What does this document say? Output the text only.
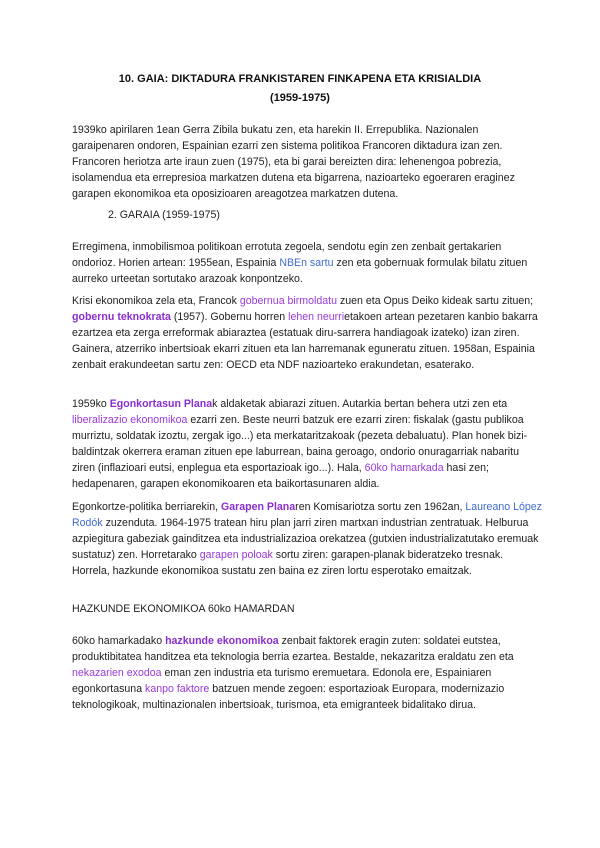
10. GAIA: DIKTADURA FRANKISTAREN FINKAPENA ETA KRISIALDIA
(1959-1975)

1939ko apirilaren 1ean Gerra Zibila bukatu zen, eta harekin II. Errepublika. Nazionalen garaipenaren ondoren, Espainian ezarri zen sistema politikoa Francoren diktadura izan zen. Francoren heriotza arte iraun zuen (1975), eta bi garai bereizten dira: lehenengoa pobrezia, isolamendua eta errepresioa markatzen dutena eta bigarrena, nazioarteko egoeraren eraginez garapen ekonomikoa eta oposizioaren areagotzea markatzen dutena.

2. GARAIA (1959-1975)

Erregimena, inmobilismoa politikoan errotuta zegoela, sendotu egin zen zenbait gertakarien ondorioz. Horien artean: 1955ean, Espainia NBEn sartu zen eta gobernuak formulak bilatu zituen aurreko urteetan sortutako arazoak konpontzeko.

Krisi ekonomikoa zela eta, Francok gobernua birmoldatu zuen eta Opus Deiko kideak sartu zituen; gobernu teknokrata (1957). Gobernu horren lehen neurrietakoen artean pezetaren kanbio bakarra ezartzea eta zerga erreformak abiaraztea (estatuak diru-sarrera handiagoak izateko) izan ziren. Gainera, atzerriko inbertsioak ekarri zituen eta lan harremanak eguneratu zituen. 1958an, Espainia zenbait erakundeetan sartu zen: OECD eta NDF nazioarteko erakundetan, esaterako.

1959ko Egonkortasun Planak aldaketak abiarazi zituen. Autarkia bertan behera utzi zen eta liberalizazio ekonomikoa ezarri zen. Beste neurri batzuk ere ezarri ziren: fiskalak (gastu publikoa murriztu, soldatak izoztu, zergak igo...) eta merkataritzakoak (pezeta debaluatu). Plan honek bizi-baldintzak okerrera eraman zituen epe laburrean, baina geroago, ondorio onuragarriak nabaritu ziren (inflazioari eutsi, enplegua eta esportazioak igo...). Hala, 60ko hamarkada hasi zen; hedapenaren, garapen ekonomikoaren eta baikortasunaren aldia.

Egonkortze-politika berriarekin, Garapen Planaren Komisariotza sortu zen 1962an, Laureano López Rodók zuzenduta. 1964-1975 tratean hiru plan jarri ziren martxan industrian zentratuak. Helburua azpiegitura gabeziak gainditzea eta industrializazioa orekatzea (gutxien industrializatutako eremuak sustatuz) zen. Horretarako garapen poloak sortu ziren: garapen-planak bideratzeko tresnak. Horrela, hazkunde ekonomikoa sustatu zen baina ez ziren lortu esperotako emaitzak.

HAZKUNDE EKONOMIKOA 60ko HAMARDAN

60ko hamarkadako hazkunde ekonomikoa zenbait faktorek eragin zuten: soldatei eutstea, produktibitatea handitzea eta teknologia berria ezartea. Bestalde, nekazaritza eraldatu zen eta nekazarien exodoa eman zen industria eta turismo eremuetara. Edonola ere, Espainiaren egonkortasuna kanpo faktore batzuen mende zegoen: esportazioak Europara, modernizazio teknologikoak, multinazionalen inbertsioak, turismoa, eta emigranteek bidalitako dirua.
